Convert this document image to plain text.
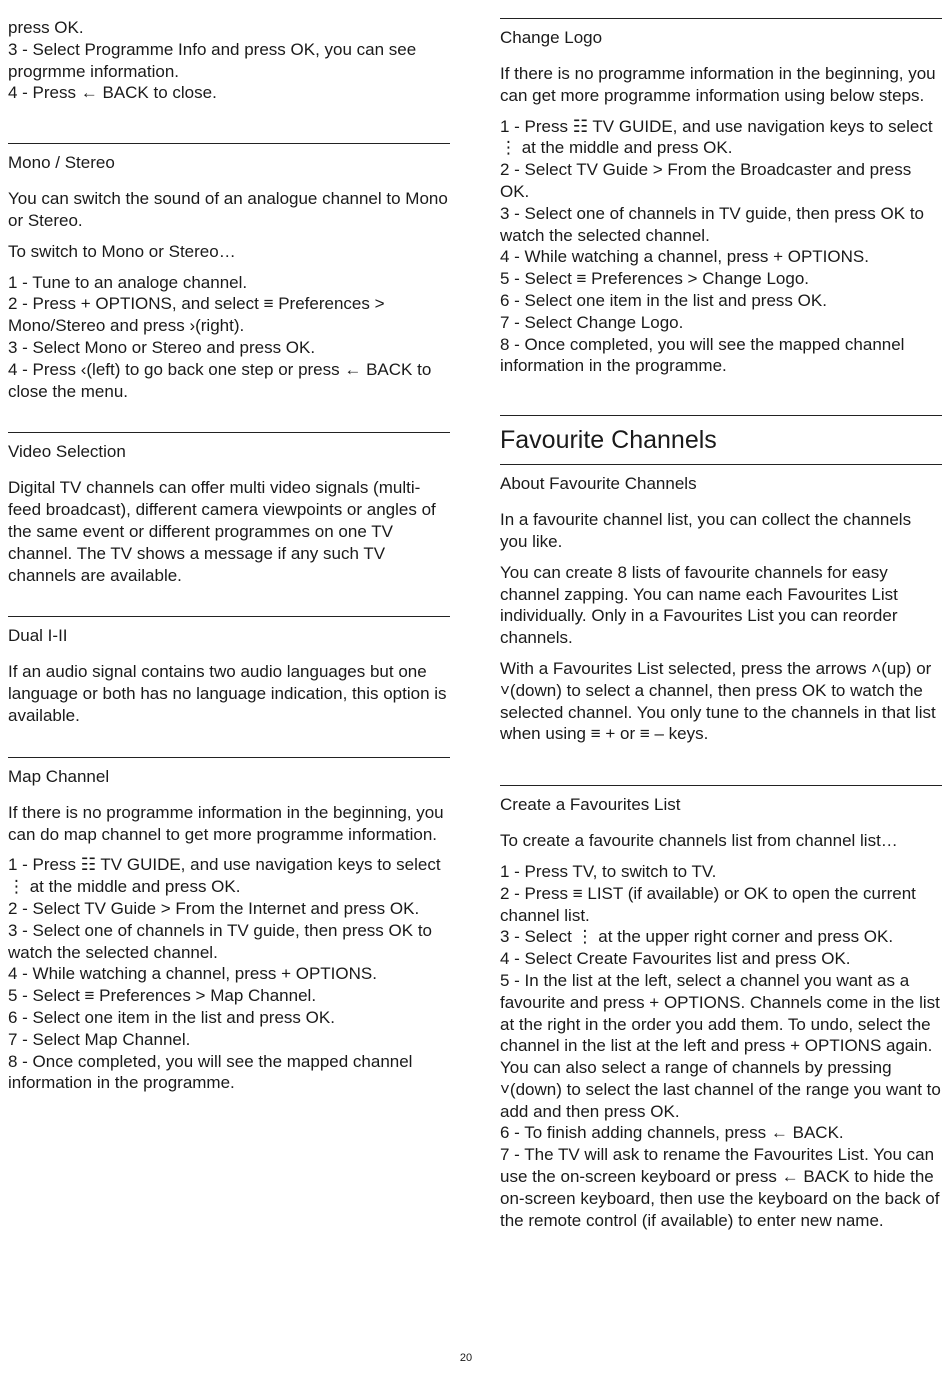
press OK.
3 - Select Programme Info and press OK, you can see progrmme information.
4 - Press ← BACK to close.
Mono / Stereo

You can switch the sound of an analogue channel to Mono or Stereo.

To switch to Mono or Stereo…

1 - Tune to an analoge channel.
2 - Press + OPTIONS, and select ≡ Preferences > Mono/Stereo and press ›(right).
3 - Select Mono or Stereo and press OK.
4 - Press ‹(left) to go back one step or press ← BACK to close the menu.
Video Selection

Digital TV channels can offer multi video signals (multi-feed broadcast), different camera viewpoints or angles of the same event or different programmes on one TV channel. The TV shows a message if any such TV channels are available.

Dual I-II

If an audio signal contains two audio languages but one language or both has no language indication, this option is available.

Map Channel

If there is no programme information in the beginning, you can do map channel to get more programme information.

1 - Press ☷ TV GUIDE, and use navigation keys to select ⋮ at the middle and press OK.
2 - Select TV Guide > From the Internet and press OK.
3 - Select one of channels in TV guide, then press OK to watch the selected channel.
4 - While watching a channel, press + OPTIONS.
5 - Select ≡ Preferences > Map Channel.
6 - Select one item in the list and press OK.
7 - Select Map Channel.
8 - Once completed, you will see the mapped channel information in the programme.
Change Logo

If there is no programme information in the beginning, you can get more programme information using below steps.

1 - Press ☷ TV GUIDE, and use navigation keys to select ⋮ at the middle and press OK.
2 - Select TV Guide > From the Broadcaster and press OK.
3 - Select one of channels in TV guide, then press OK to watch the selected channel.
4 - While watching a channel, press + OPTIONS.
5 - Select ≡ Preferences > Change Logo.
6 - Select one item in the list and press OK.
7 - Select Change Logo.
8 - Once completed, you will see the mapped channel information in the programme.
Favourite Channels
About Favourite Channels

In a favourite channel list, you can collect the channels you like.

You can create 8 lists of favourite channels for easy channel zapping. You can name each Favourites List individually. Only in a Favourites List you can reorder channels.

With a Favourites List selected, press the arrows ˄(up) or ˅(down) to select a channel, then press OK to watch the selected channel. You only tune to the channels in that list when using ≡ + or ≡ – keys.

Create a Favourites List

To create a favourite channels list from channel list…

1 - Press TV, to switch to TV.
2 - Press ≡ LIST (if available) or OK to open the current channel list.
3 - Select ⋮ at the upper right corner and press OK.
4 - Select Create Favourites list and press OK.
5 - In the list at the left, select a channel you want as a favourite and press + OPTIONS. Channels come in the list at the right in the order you add them. To undo, select the channel in the list at the left and press + OPTIONS again. You can also select a range of channels by pressing ˅(down) to select the last channel of the range you want to add and then press OK.
6 - To finish adding channels, press ← BACK.
7 - The TV will ask to rename the Favourites List. You can use the on-screen keyboard or press ← BACK to hide the on-screen keyboard, then use the keyboard on the back of the remote control (if available) to enter new name.
20
